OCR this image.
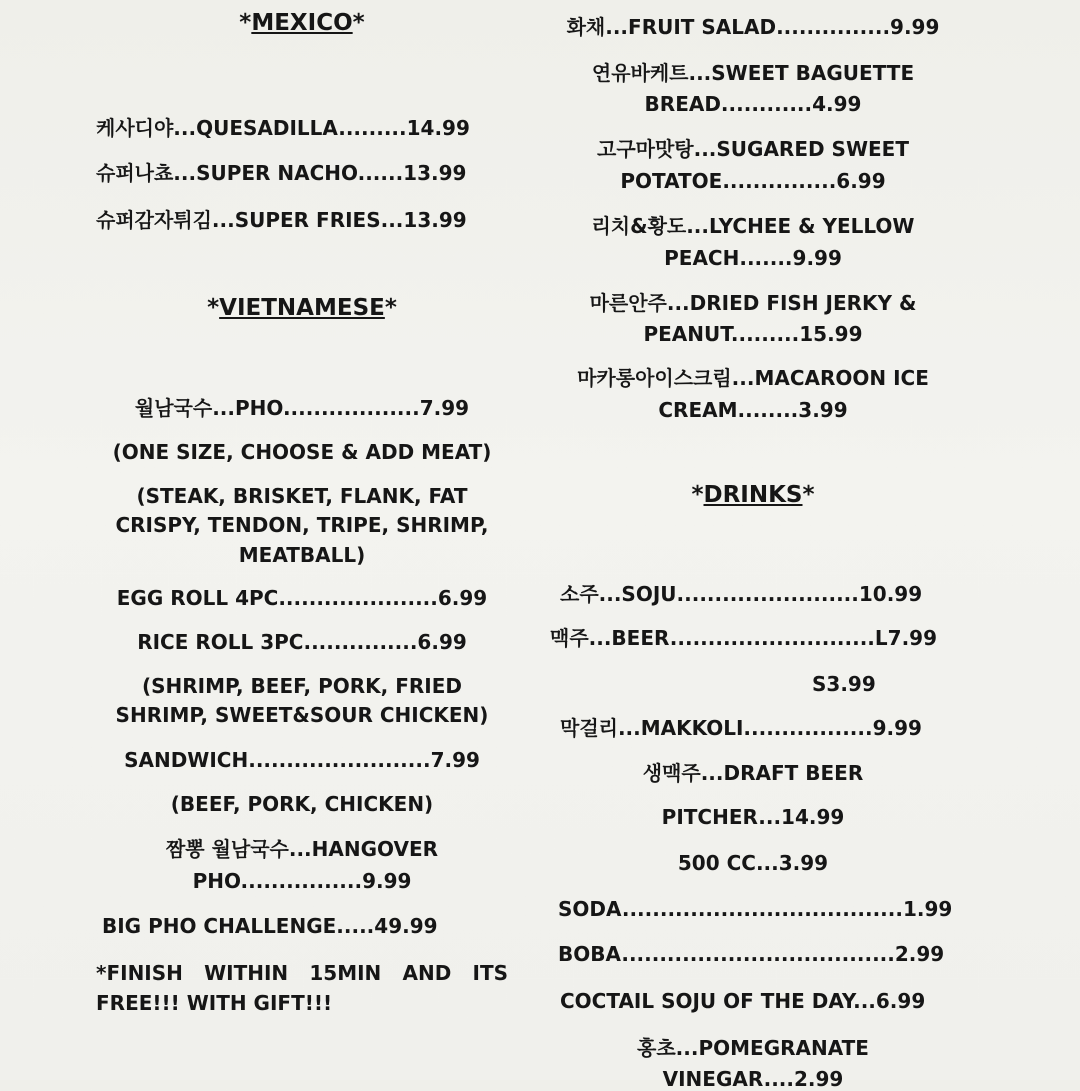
*MEXICO*
케사디야...QUESADILLA.........14.99
슈퍼나쵸...SUPER NACHO......13.99
슈퍼감자튀김...SUPER FRIES...13.99
*VIETNAMESE*
월남국수...PHO..................7.99
(ONE SIZE, CHOOSE & ADD MEAT)
(STEAK, BRISKET, FLANK, FAT
CRISPY, TENDON, TRIPE, SHRIMP,
MEATBALL)
EGG ROLL 4PC.....................6.99
RICE ROLL 3PC...............6.99
(SHRIMP, BEEF, PORK, FRIED
SHRIMP, SWEET&SOUR CHICKEN)
SANDWICH........................7.99
(BEEF, PORK, CHICKEN)
짬뽕 월남국수...HANGOVER
PHO................9.99
BIG PHO CHALLENGE.....49.99
*FINISH WITHIN 15MIN AND ITS
FREE!!! WITH GIFT!!!
화채...FRUIT SALAD...............9.99
연유바케트...SWEET BAGUETTE
BREAD............4.99
고구마맛탕...SUGARED SWEET
POTATOE...............6.99
리치&황도...LYCHEE & YELLOW
PEACH.......9.99
마른안주...DRIED FISH JERKY &
PEANUT.........15.99
마카롱아이스크림...MACAROON ICE
CREAM........3.99
*DRINKS*
소주...SOJU........................10.99
맥주...BEER...........................L7.99
S3.99
막걸리...MAKKOLI.................9.99
생맥주...DRAFT BEER
PITCHER...14.99
500 CC...3.99
SODA.....................................1.99
BOBA....................................2.99
COCTAIL SOJU OF THE DAY...6.99
홍초...POMEGRANATE
VINEGAR....2.99
